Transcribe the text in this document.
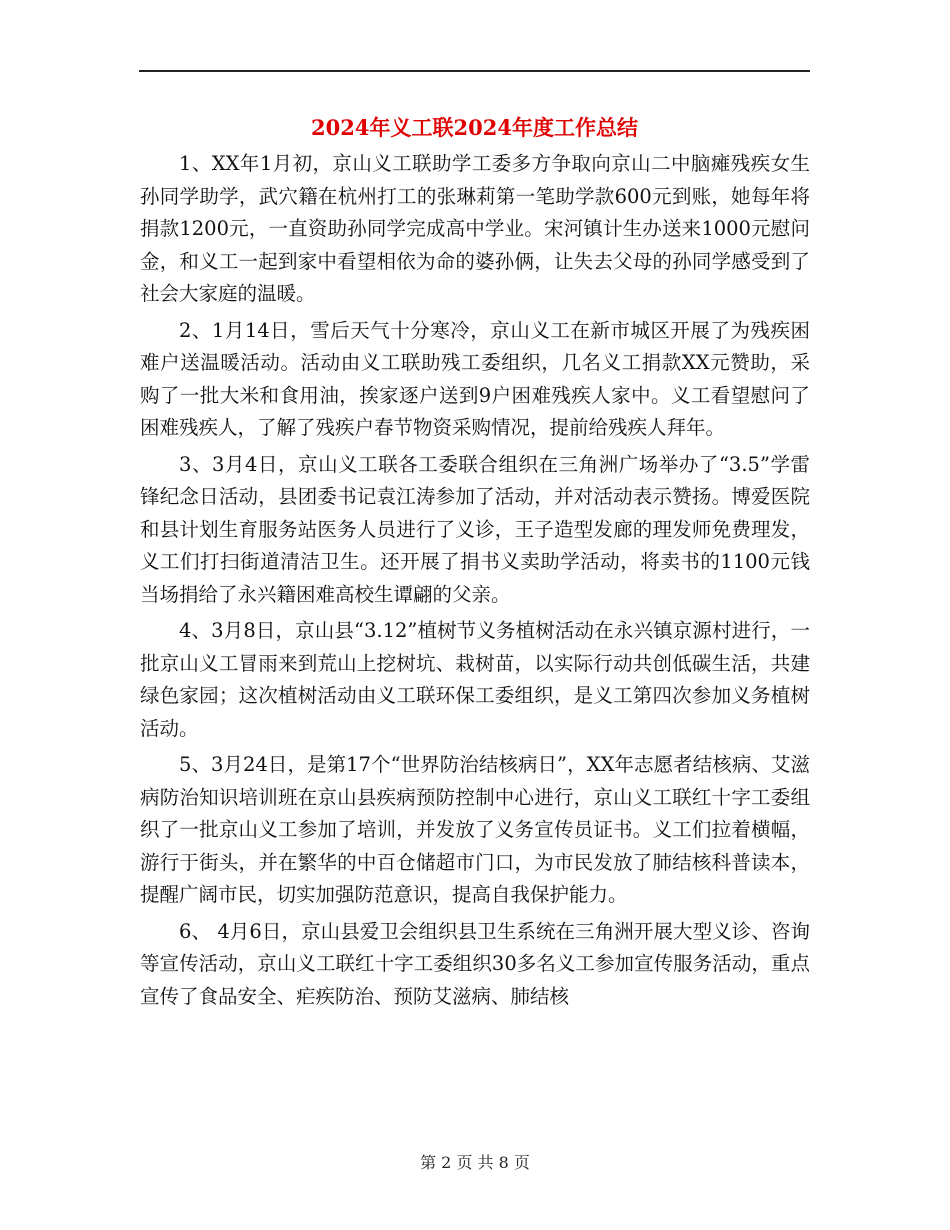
2024年义工联2024年度工作总结

1、XX年1月初，京山义工联助学工委多方争取向京山二中脑瘫残疾女生孙同学助学，武穴籍在杭州打工的张琳莉第一笔助学款600元到账，她每年将捐款1200元，一直资助孙同学完成高中学业。宋河镇计生办送来1000元慰问金，和义工一起到家中看望相依为命的婆孙俩，让失去父母的孙同学感受到了社会大家庭的温暖。

2、1月14日，雪后天气十分寒冷，京山义工在新市城区开展了为残疾困难户送温暖活动。活动由义工联助残工委组织，几名义工捐款XX元赞助，采购了一批大米和食用油，挨家逐户送到9户困难残疾人家中。义工看望慰问了困难残疾人，了解了残疾户春节物资采购情况，提前给残疾人拜年。

3、3月4日，京山义工联各工委联合组织在三角洲广场举办了“3.5”学雷锋纪念日活动，县团委书记袁江涛参加了活动，并对活动表示赞扬。博爱医院和县计划生育服务站医务人员进行了义诊，王子造型发廊的理发师免费理发，义工们打扫街道清洁卫生。还开展了捐书义卖助学活动，将卖书的1100元钱当场捐给了永兴籍困难高校生谭翩的父亲。

4、3月8日，京山县“3.12”植树节义务植树活动在永兴镇京源村进行，一批京山义工冒雨来到荒山上挖树坑、栽树苗，以实际行动共创低碳生活，共建绿色家园；这次植树活动由义工联环保工委组织，是义工第四次参加义务植树活动。

5、3月24日，是第17个“世界防治结核病日”，XX年志愿者结核病、艾滋病防治知识培训班在京山县疾病预防控制中心进行，京山义工联红十字工委组织了一批京山义工参加了培训，并发放了义务宣传员证书。义工们拉着横幅，游行于街头，并在繁华的中百仓储超市门口，为市民发放了肺结核科普读本，提醒广阔市民，切实加强防范意识，提高自我保护能力。

6、 4月6日，京山县爱卫会组织县卫生系统在三角洲开展大型义诊、咨询等宣传活动，京山义工联红十字工委组织30多名义工参加宣传服务活动，重点宣传了食品安全、疟疾防治、预防艾滋病、肺结核

第 2 页 共 8 页
